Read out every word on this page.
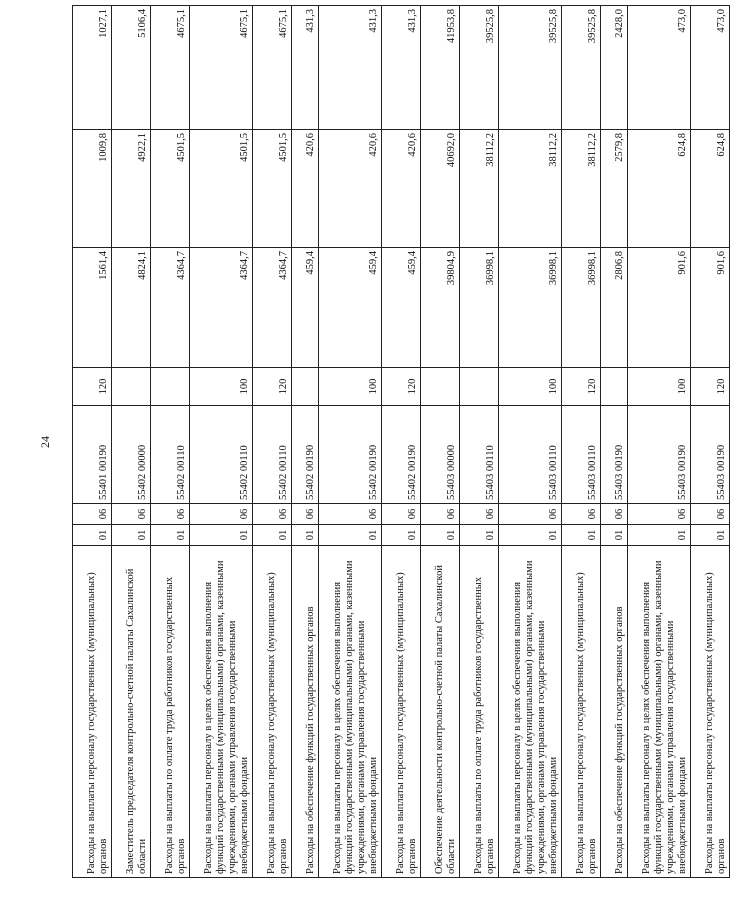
24
Расходы на выплаты персоналу государственных (муниципальных) органов	01	06	55401 00190	120	1561,4	1009,8	1027,1
Заместитель председателя контрольно-счетной палаты Сахалинской области	01	06	55402 00000		4824,1	4922,1	5106,4
Расходы на выплаты по оплате труда работников государственных органов	01	06	55402 00110		4364,7	4501,5	4675,1
Расходы на выплаты персоналу в целях обеспечения выполнения функций государственными (муниципальными) органами, казенными учреждениями, органами управления государственными внебюджетными фондами	01	06	55402 00110	100	4364,7	4501,5	4675,1
Расходы на выплаты персоналу государственных (муниципальных) органов	01	06	55402 00110	120	4364,7	4501,5	4675,1
Расходы на обеспечение функций государственных органов	01	06	55402 00190		459,4	420,6	431,3
Расходы на выплаты персоналу в целях обеспечения выполнения функций государственными (муниципальными) органами, казенными учреждениями, органами управления государственными внебюджетными фондами	01	06	55402 00190	100	459,4	420,6	431,3
Расходы на выплаты персоналу государственных (муниципальных) органов	01	06	55402 00190	120	459,4	420,6	431,3
Обеспечение деятельности контрольно-счетной палаты Сахалинской области	01	06	55403 00000		39804,9	40692,0	41953,8
Расходы на выплаты по оплате труда работников государственных органов	01	06	55403 00110		36998,1	38112,2	39525,8
Расходы на выплаты персоналу в целях обеспечения выполнения функций государственными (муниципальными) органами, казенными учреждениями, органами управления государственными внебюджетными фондами	01	06	55403 00110	100	36998,1	38112,2	39525,8
Расходы на выплаты персоналу государственных (муниципальных) органов	01	06	55403 00110	120	36998,1	38112,2	39525,8
Расходы на обеспечение функций государственных органов	01	06	55403 00190		2806,8	2579,8	2428,0
Расходы на выплаты персоналу в целях обеспечения выполнения функций государственными (муниципальными) органами, казенными учреждениями, органами управления государственными внебюджетными фондами	01	06	55403 00190	100	901,6	624,8	473,0
Расходы на выплаты персоналу государственных (муниципальных) органов	01	06	55403 00190	120	901,6	624,8	473,0
